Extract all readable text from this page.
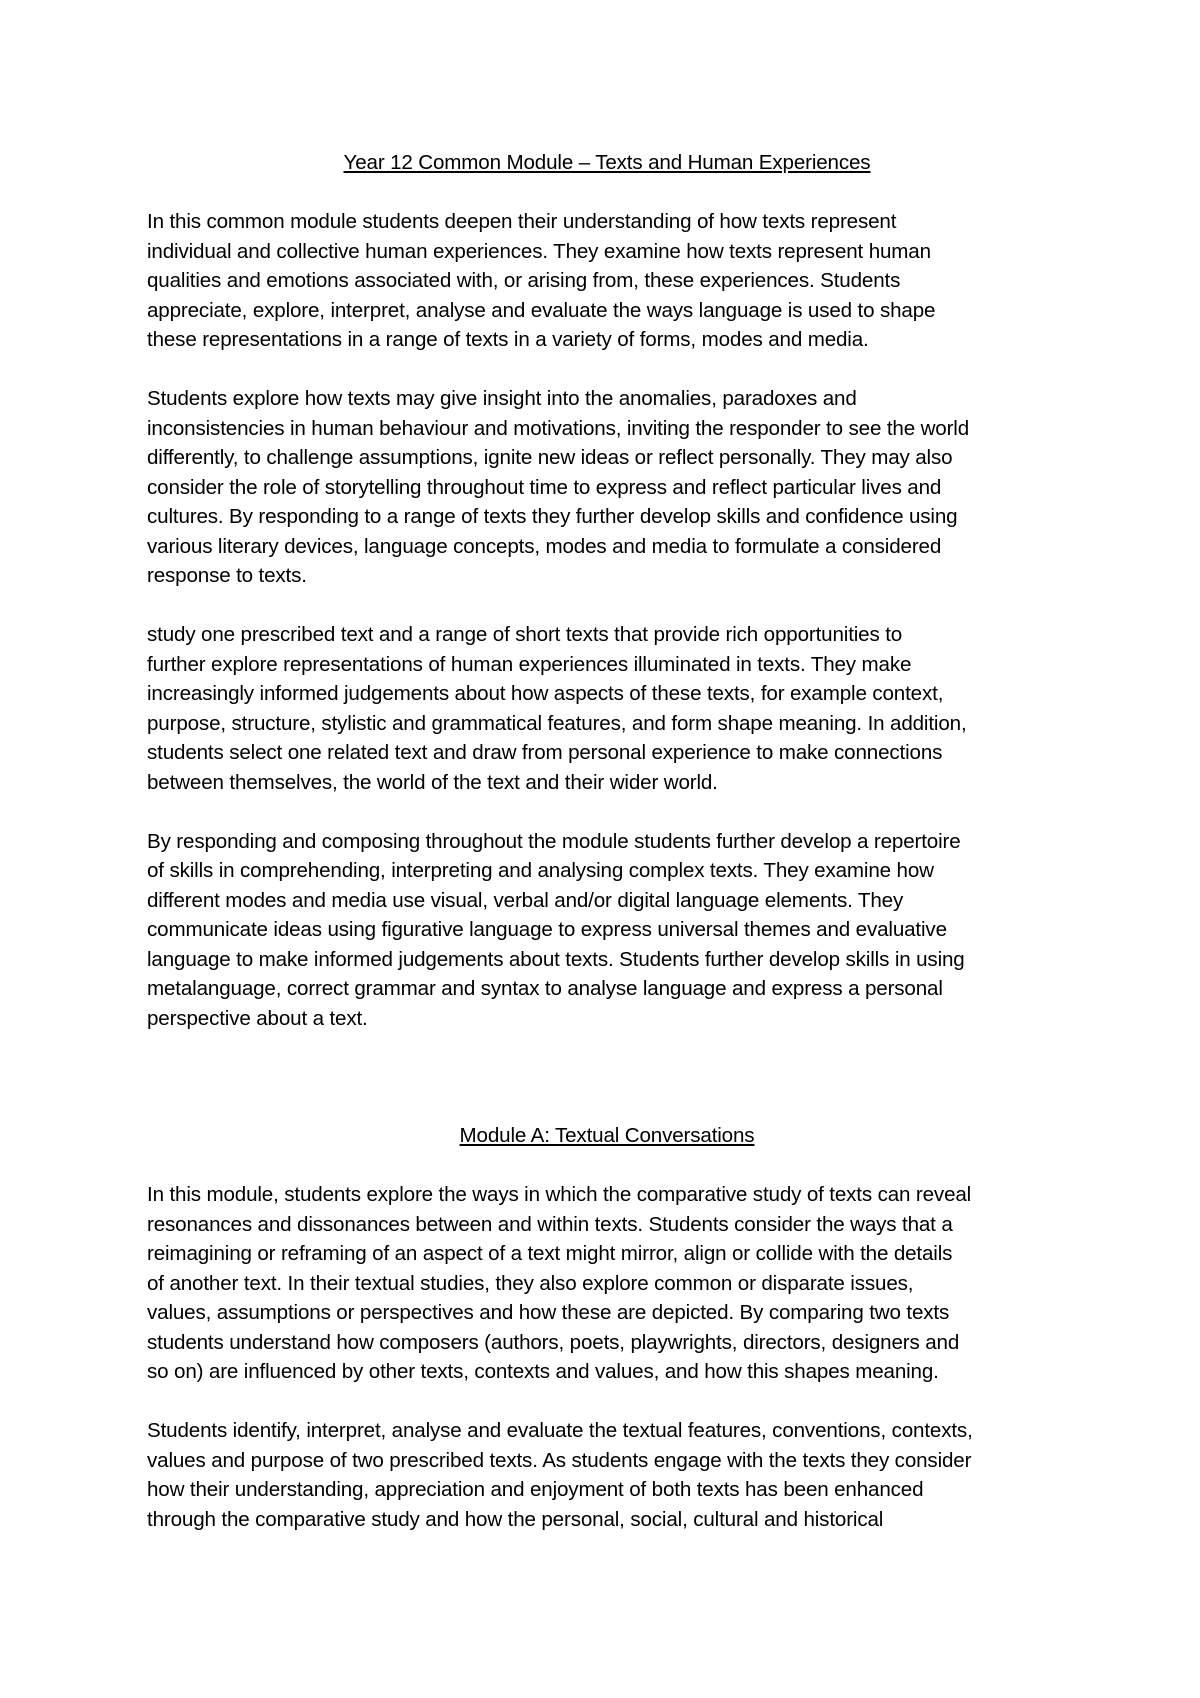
Year 12 Common Module – Texts and Human Experiences
In this common module students deepen their understanding of how texts represent
individual and collective human experiences. They examine how texts represent human
qualities and emotions associated with, or arising from, these experiences. Students
appreciate, explore, interpret, analyse and evaluate the ways language is used to shape
these representations in a range of texts in a variety of forms, modes and media.
Students explore how texts may give insight into the anomalies, paradoxes and
inconsistencies in human behaviour and motivations, inviting the responder to see the world
differently, to challenge assumptions, ignite new ideas or reflect personally. They may also
consider the role of storytelling throughout time to express and reflect particular lives and
cultures. By responding to a range of texts they further develop skills and confidence using
various literary devices, language concepts, modes and media to formulate a considered
response to texts.
study one prescribed text and a range of short texts that provide rich opportunities to
further explore representations of human experiences illuminated in texts. They make
increasingly informed judgements about how aspects of these texts, for example context,
purpose, structure, stylistic and grammatical features, and form shape meaning. In addition,
students select one related text and draw from personal experience to make connections
between themselves, the world of the text and their wider world.
By responding and composing throughout the module students further develop a repertoire
of skills in comprehending, interpreting and analysing complex texts. They examine how
different modes and media use visual, verbal and/or digital language elements. They
communicate ideas using figurative language to express universal themes and evaluative
language to make informed judgements about texts. Students further develop skills in using
metalanguage, correct grammar and syntax to analyse language and express a personal
perspective about a text.
Module A: Textual Conversations
In this module, students explore the ways in which the comparative study of texts can reveal
resonances and dissonances between and within texts. Students consider the ways that a
reimagining or reframing of an aspect of a text might mirror, align or collide with the details
of another text. In their textual studies, they also explore common or disparate issues,
values, assumptions or perspectives and how these are depicted. By comparing two texts
students understand how composers (authors, poets, playwrights, directors, designers and
so on) are influenced by other texts, contexts and values, and how this shapes meaning.
Students identify, interpret, analyse and evaluate the textual features, conventions, contexts,
values and purpose of two prescribed texts. As students engage with the texts they consider
how their understanding, appreciation and enjoyment of both texts has been enhanced
through the comparative study and how the personal, social, cultural and historical
